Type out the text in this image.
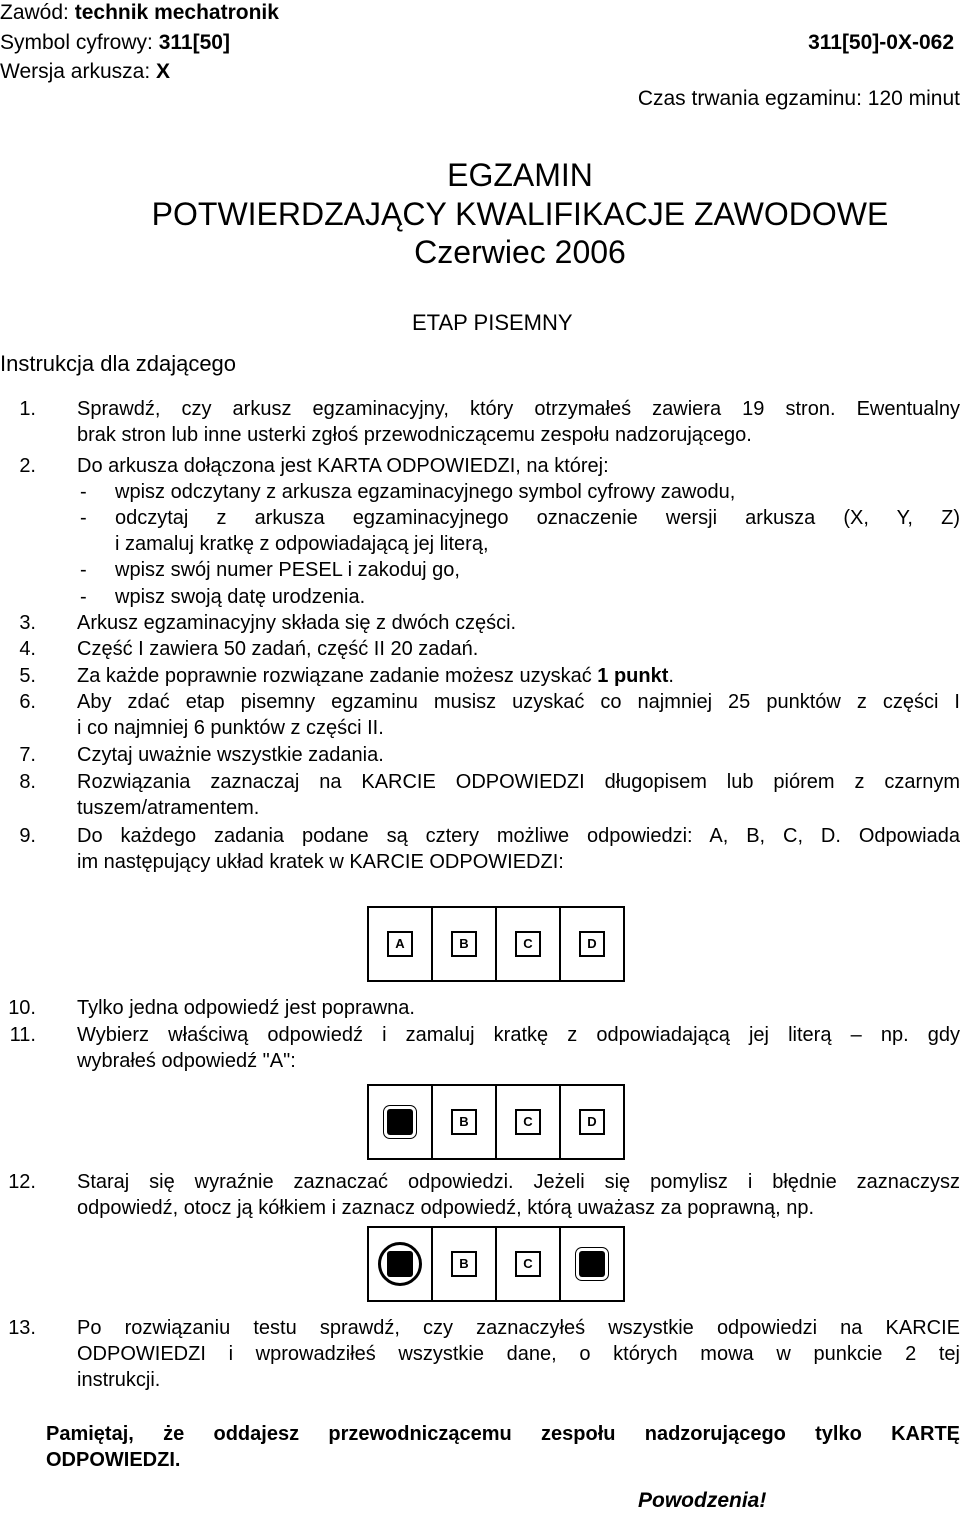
Zawód: technik mechatronik
Symbol cyfrowy: 311[50]	311[50]-0X-062
Wersja arkusza: X
Czas trwania egzaminu: 120 minut
EGZAMIN
POTWIERDZAJĄCY KWALIFIKACJE ZAWODOWE
Czerwiec 2006
ETAP PISEMNY
Instrukcja dla zdającego
1. Sprawdź, czy arkusz egzaminacyjny, który otrzymałeś zawiera 19 stron. Ewentualny
brak stron lub inne usterki zgłoś przewodniczącemu zespołu nadzorującego.
2. Do arkusza dołączona jest KARTA ODPOWIEDZI, na której:
- wpisz odczytany z arkusza egzaminacyjnego symbol cyfrowy zawodu,
- odczytaj z arkusza egzaminacyjnego oznaczenie wersji arkusza (X, Y, Z)
i zamaluj kratkę z odpowiadającą jej literą,
- wpisz swój numer PESEL i zakoduj go,
- wpisz swoją datę urodzenia.
3. Arkusz egzaminacyjny składa się z dwóch części.
4. Część I zawiera 50 zadań, część II 20 zadań.
5. Za każde poprawnie rozwiązane zadanie możesz uzyskać 1 punkt.
6. Aby zdać etap pisemny egzaminu musisz uzyskać co najmniej 25 punktów z części I
i co najmniej 6 punktów z części II.
7. Czytaj uważnie wszystkie zadania.
8. Rozwiązania zaznaczaj na KARCIE ODPOWIEDZI długopisem lub piórem z czarnym
tuszem/atramentem.
9. Do każdego zadania podane są cztery możliwe odpowiedzi: A, B, C, D. Odpowiada
im następujący układ kratek w KARCIE ODPOWIEDZI:
A	B	C	D
10. Tylko jedna odpowiedź jest poprawna.
11. Wybierz właściwą odpowiedź i zamaluj kratkę z odpowiadającą jej literą – np. gdy
wybrałeś odpowiedź "A":
B	C	D
12. Staraj się wyraźnie zaznaczać odpowiedzi. Jeżeli się pomylisz i błędnie zaznaczysz
odpowiedź, otocz ją kółkiem i zaznacz odpowiedź, którą uważasz za poprawną, np.
B	C
13. Po rozwiązaniu testu sprawdź, czy zaznaczyłeś wszystkie odpowiedzi na KARCIE
ODPOWIEDZI i wprowadziłeś wszystkie dane, o których mowa w punkcie 2 tej
instrukcji.
Pamiętaj, że oddajesz przewodniczącemu zespołu nadzorującego tylko KARTĘ
ODPOWIEDZI.
Powodzenia!
